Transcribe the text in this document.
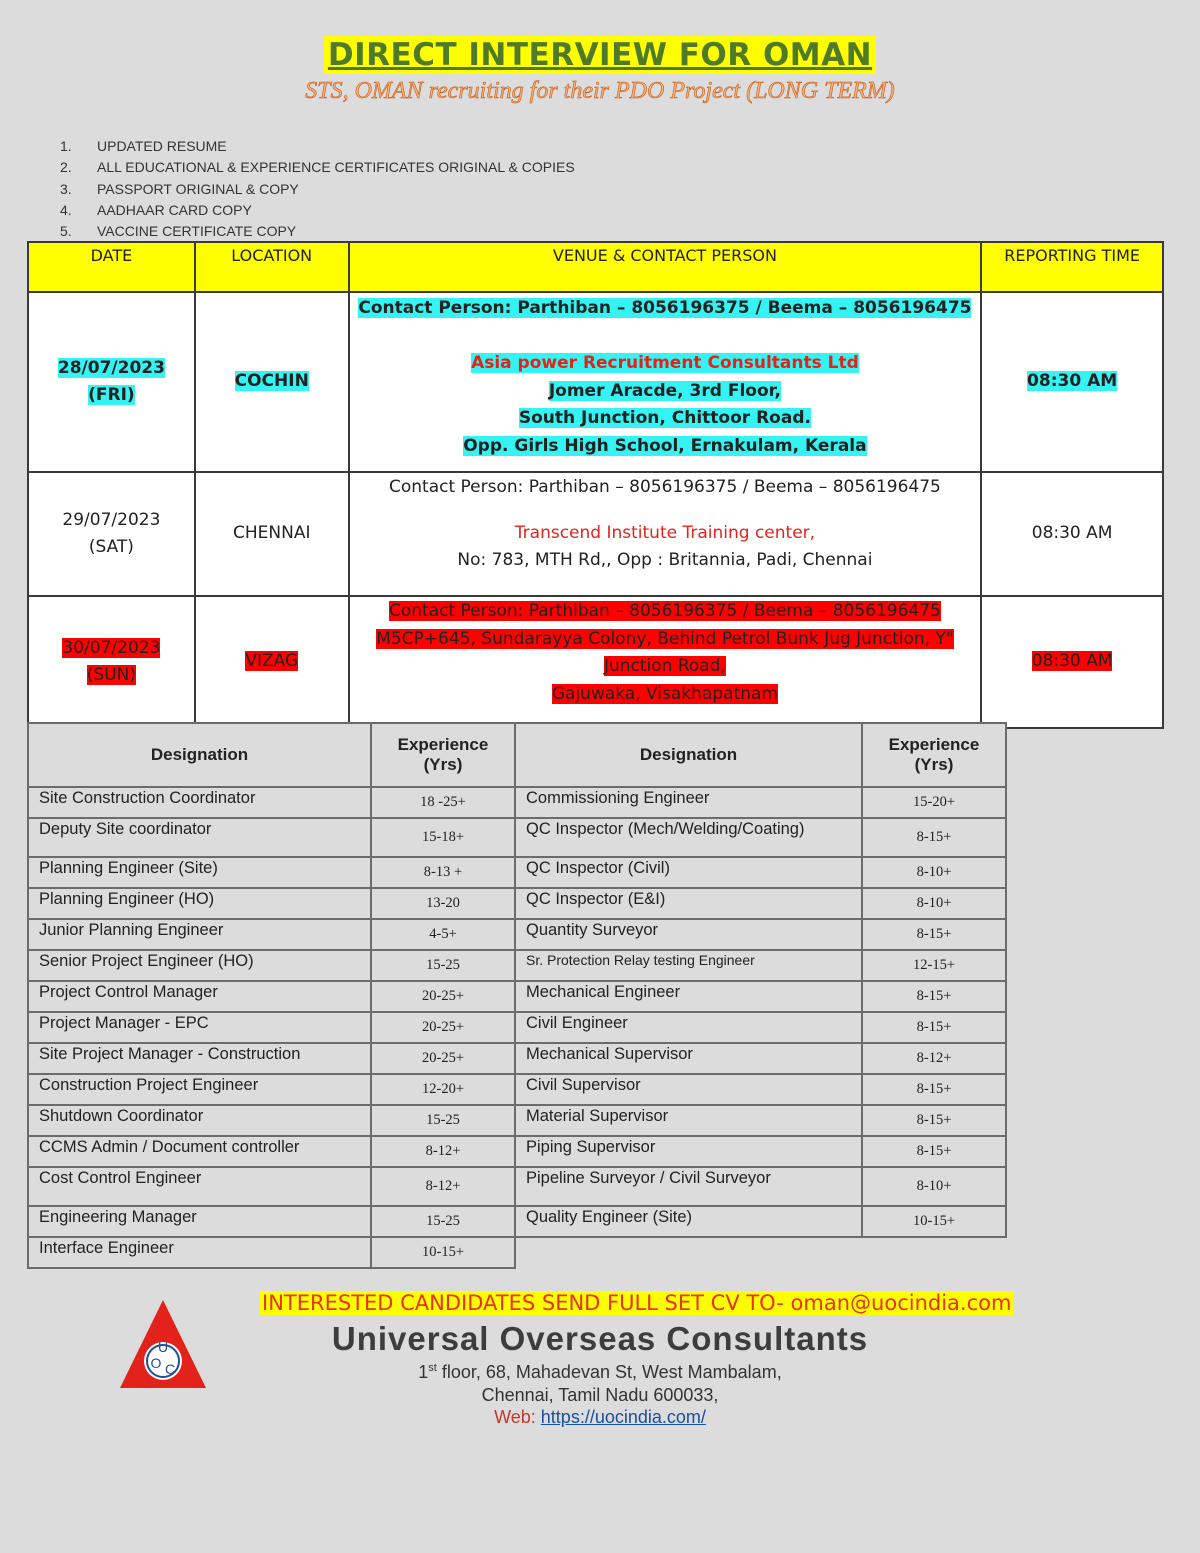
DIRECT INTERVIEW FOR OMAN
STS, OMAN recruiting for their PDO Project (LONG TERM)
1. UPDATED RESUME
2. ALL EDUCATIONAL & EXPERIENCE CERTIFICATES ORIGINAL & COPIES
3. PASSPORT ORIGINAL & COPY
4. AADHAAR CARD COPY
5. VACCINE CERTIFICATE COPY
DATE	LOCATION	VENUE & CONTACT PERSON	REPORTING TIME
28/07/2023
(FRI)	COCHIN	Contact Person: Parthiban – 8056196375 / Beema – 8056196475

Asia power Recruitment Consultants Ltd
Jomer Aracde, 3rd Floor,
South Junction, Chittoor Road.
Opp. Girls High School, Ernakulam, Kerala	08:30 AM
29/07/2023
(SAT)	CHENNAI	Contact Person: Parthiban – 8056196375 / Beema – 8056196475

Transcend Institute Training center,
No: 783, MTH Rd,, Opp : Britannia, Padi, Chennai	08:30 AM
30/07/2023
(SUN)	VIZAG	Contact Person: Parthiban – 8056196375 / Beema – 8056196475
M5CP+645, Sundarayya Colony, Behind Petrol Bunk Jug Junction, Y"
Junction Road,
Gajuwaka, Visakhapatnam	08:30 AM
Designation	Experience (Yrs)	Designation	Experience (Yrs)
Site Construction Coordinator	18 -25+	Commissioning Engineer	15-20+
Deputy Site coordinator	15-18+	QC Inspector (Mech/Welding/Coating)	8-15+
Planning Engineer (Site)	8-13 +	QC Inspector (Civil)	8-10+
Planning Engineer (HO)	13-20	QC Inspector (E&I)	8-10+
Junior Planning Engineer	4-5+	Quantity Surveyor	8-15+
Senior Project Engineer (HO)	15-25	Sr. Protection Relay testing Engineer	12-15+
Project Control Manager	20-25+	Mechanical Engineer	8-15+
Project Manager - EPC	20-25+	Civil Engineer	8-15+
Site Project Manager - Construction	20-25+	Mechanical Supervisor	8-12+
Construction Project Engineer	12-20+	Civil Supervisor	8-15+
Shutdown Coordinator	15-25	Material Supervisor	8-15+
CCMS Admin / Document controller	8-12+	Piping Supervisor	8-15+
Cost Control Engineer	8-12+	Pipeline Surveyor / Civil Surveyor	8-10+
Engineering Manager	15-25	Quality Engineer (Site)	10-15+
Interface Engineer	10-15+		
INTERESTED CANDIDATES SEND FULL SET CV TO- oman@uocindia.com
U
O C
Universal Overseas Consultants
1st floor, 68, Mahadevan St, West Mambalam,
Chennai, Tamil Nadu 600033,
Web: https://uocindia.com/
